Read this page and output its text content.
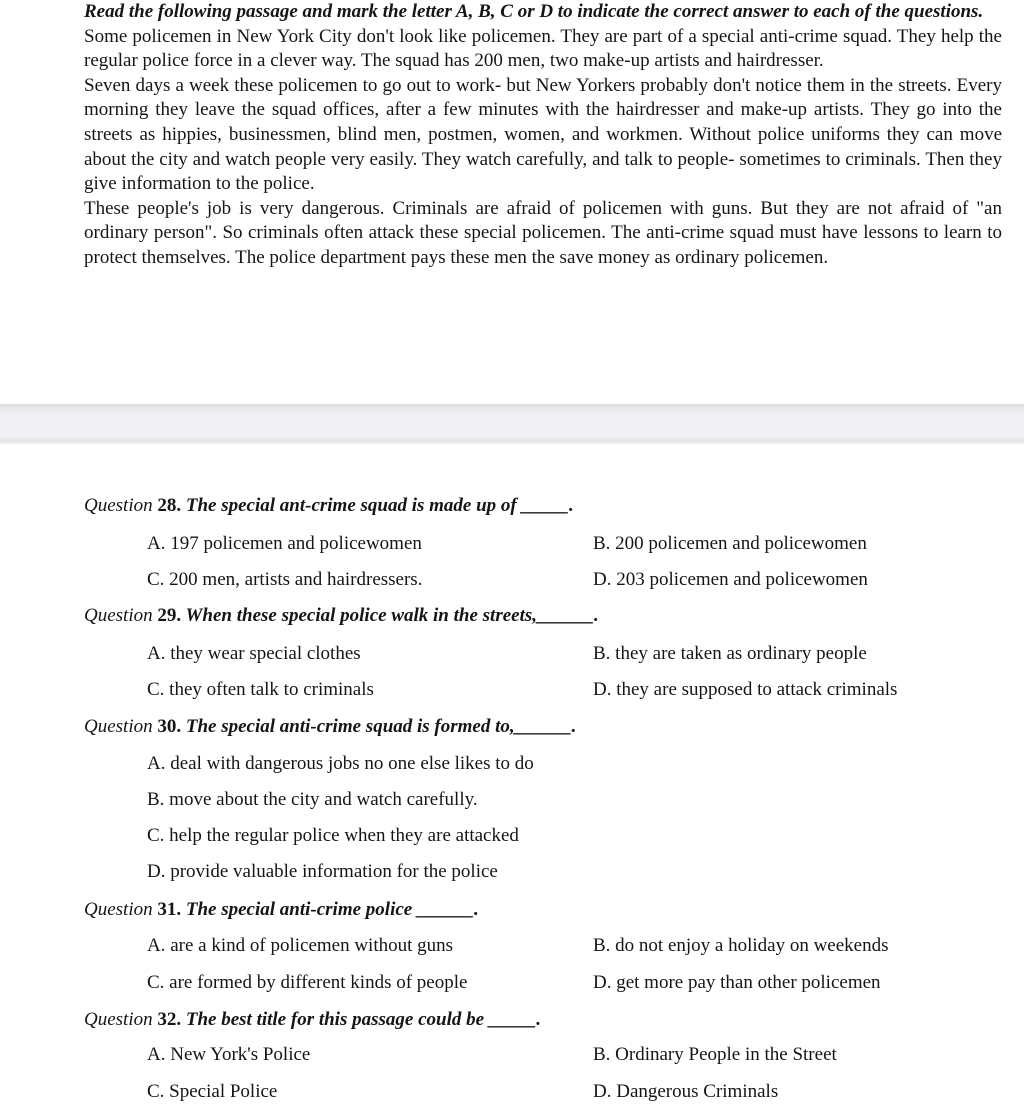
Read the following passage and mark the letter A, B, C or D to indicate the correct answer to each of the questions.

Some policemen in New York City don't look like policemen. They are part of a special anti-crime squad. They help the regular police force in a clever way. The squad has 200 men, two make-up artists and hairdresser.

Seven days a week these policemen to go out to work- but New Yorkers probably don't notice them in the streets. Every morning they leave the squad offices, after a few minutes with the hairdresser and make-up artists. They go into the streets as hippies, businessmen, blind men, postmen, women, and workmen. Without police uniforms they can move about the city and watch people very easily. They watch carefully, and talk to people- sometimes to criminals. Then they give information to the police.

These people's job is very dangerous. Criminals are afraid of policemen with guns. But they are not afraid of "an ordinary person". So criminals often attack these special policemen. The anti-crime squad must have lessons to learn to protect themselves. The police department pays these men the save money as ordinary policemen.

Question 28. The special ant-crime squad is made up of _____.
A. 197 policemen and policewomen	B. 200 policemen and policewomen
C. 200 men, artists and hairdressers.	D. 203 policemen and policewomen
Question 29. When these special police walk in the streets,______.
A. they wear special clothes	B. they are taken as ordinary people
C. they often talk to criminals	D. they are supposed to attack criminals
Question 30. The special anti-crime squad is formed to,______.
A. deal with dangerous jobs no one else likes to do
B. move about the city and watch carefully.
C. help the regular police when they are attacked
D. provide valuable information for the police
Question 31. The special anti-crime police ______.
A. are a kind of policemen without guns	B. do not enjoy a holiday on weekends
C. are formed by different kinds of people	D. get more pay than other policemen
Question 32. The best title for this passage could be _____.
A. New York's Police	B. Ordinary People in the Street
C. Special Police	D. Dangerous Criminals
